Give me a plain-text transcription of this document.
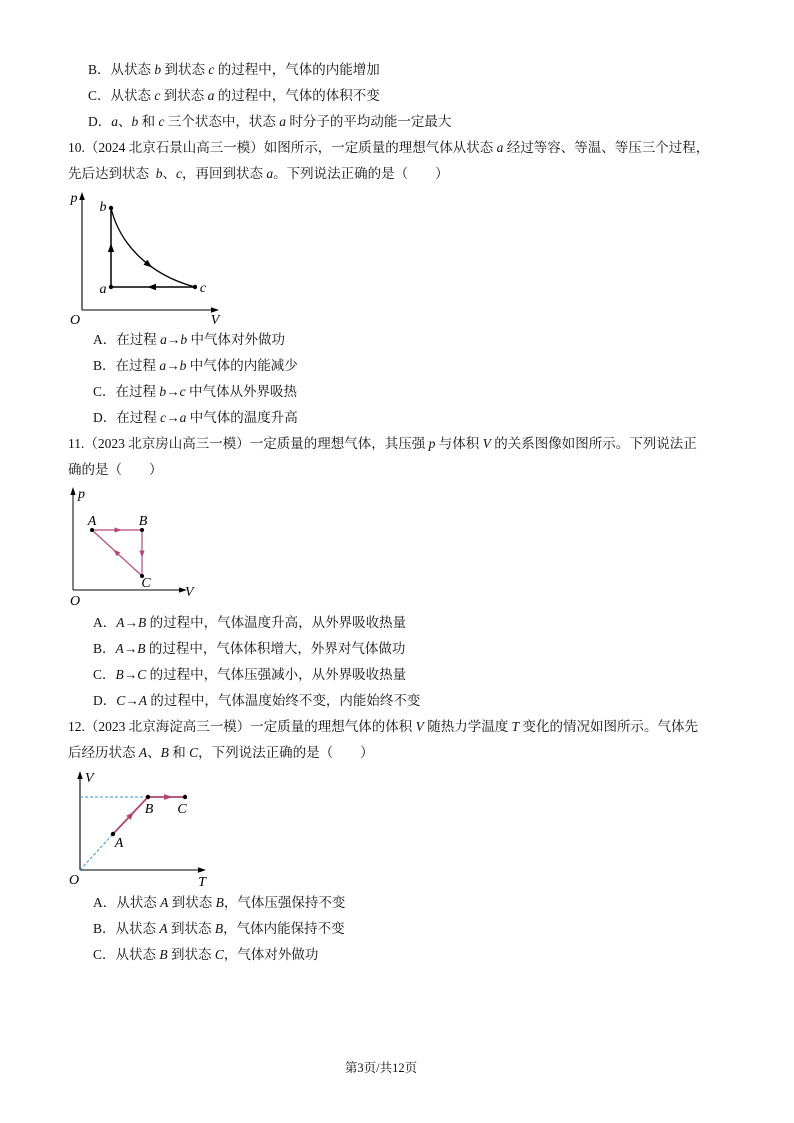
B．从状态 b 到状态 c 的过程中，气体的内能增加
C．从状态 c 到状态 a 的过程中，气体的体积不变
D．a、b 和 c 三个状态中，状态 a 时分子的平均动能一定最大
10.（2024 北京石景山高三一模）如图所示，一定质量的理想气体从状态 a 经过等容、等温、等压三个过程，
先后达到状态  b、c，再回到状态 a。下列说法正确的是（　　）
p
V
O
b
a	c
A．在过程 a→b 中气体对外做功
B．在过程 a→b 中气体的内能减少
C．在过程 b→c 中气体从外界吸热
D．在过程 c→a 中气体的温度升高
11.（2023 北京房山高三一模）一定质量的理想气体，其压强 p 与体积 V 的关系图像如图所示。下列说法正
确的是（　　）
p
V
O
A	B
C
A．A→B 的过程中，气体温度升高，从外界吸收热量
B．A→B 的过程中，气体体积增大，外界对气体做功
C．B→C 的过程中，气体压强减小，从外界吸收热量
D．C→A 的过程中，气体温度始终不变，内能始终不变
12.（2023 北京海淀高三一模）一定质量的理想气体的体积 V 随热力学温度 T 变化的情况如图所示。气体先
后经历状态 A、B 和 C，下列说法正确的是（　　）
V
T
O
A
B C
A．从状态 A 到状态 B，气体压强保持不变
B．从状态 A 到状态 B，气体内能保持不变
C．从状态 B 到状态 C，气体对外做功
第3页/共12页
